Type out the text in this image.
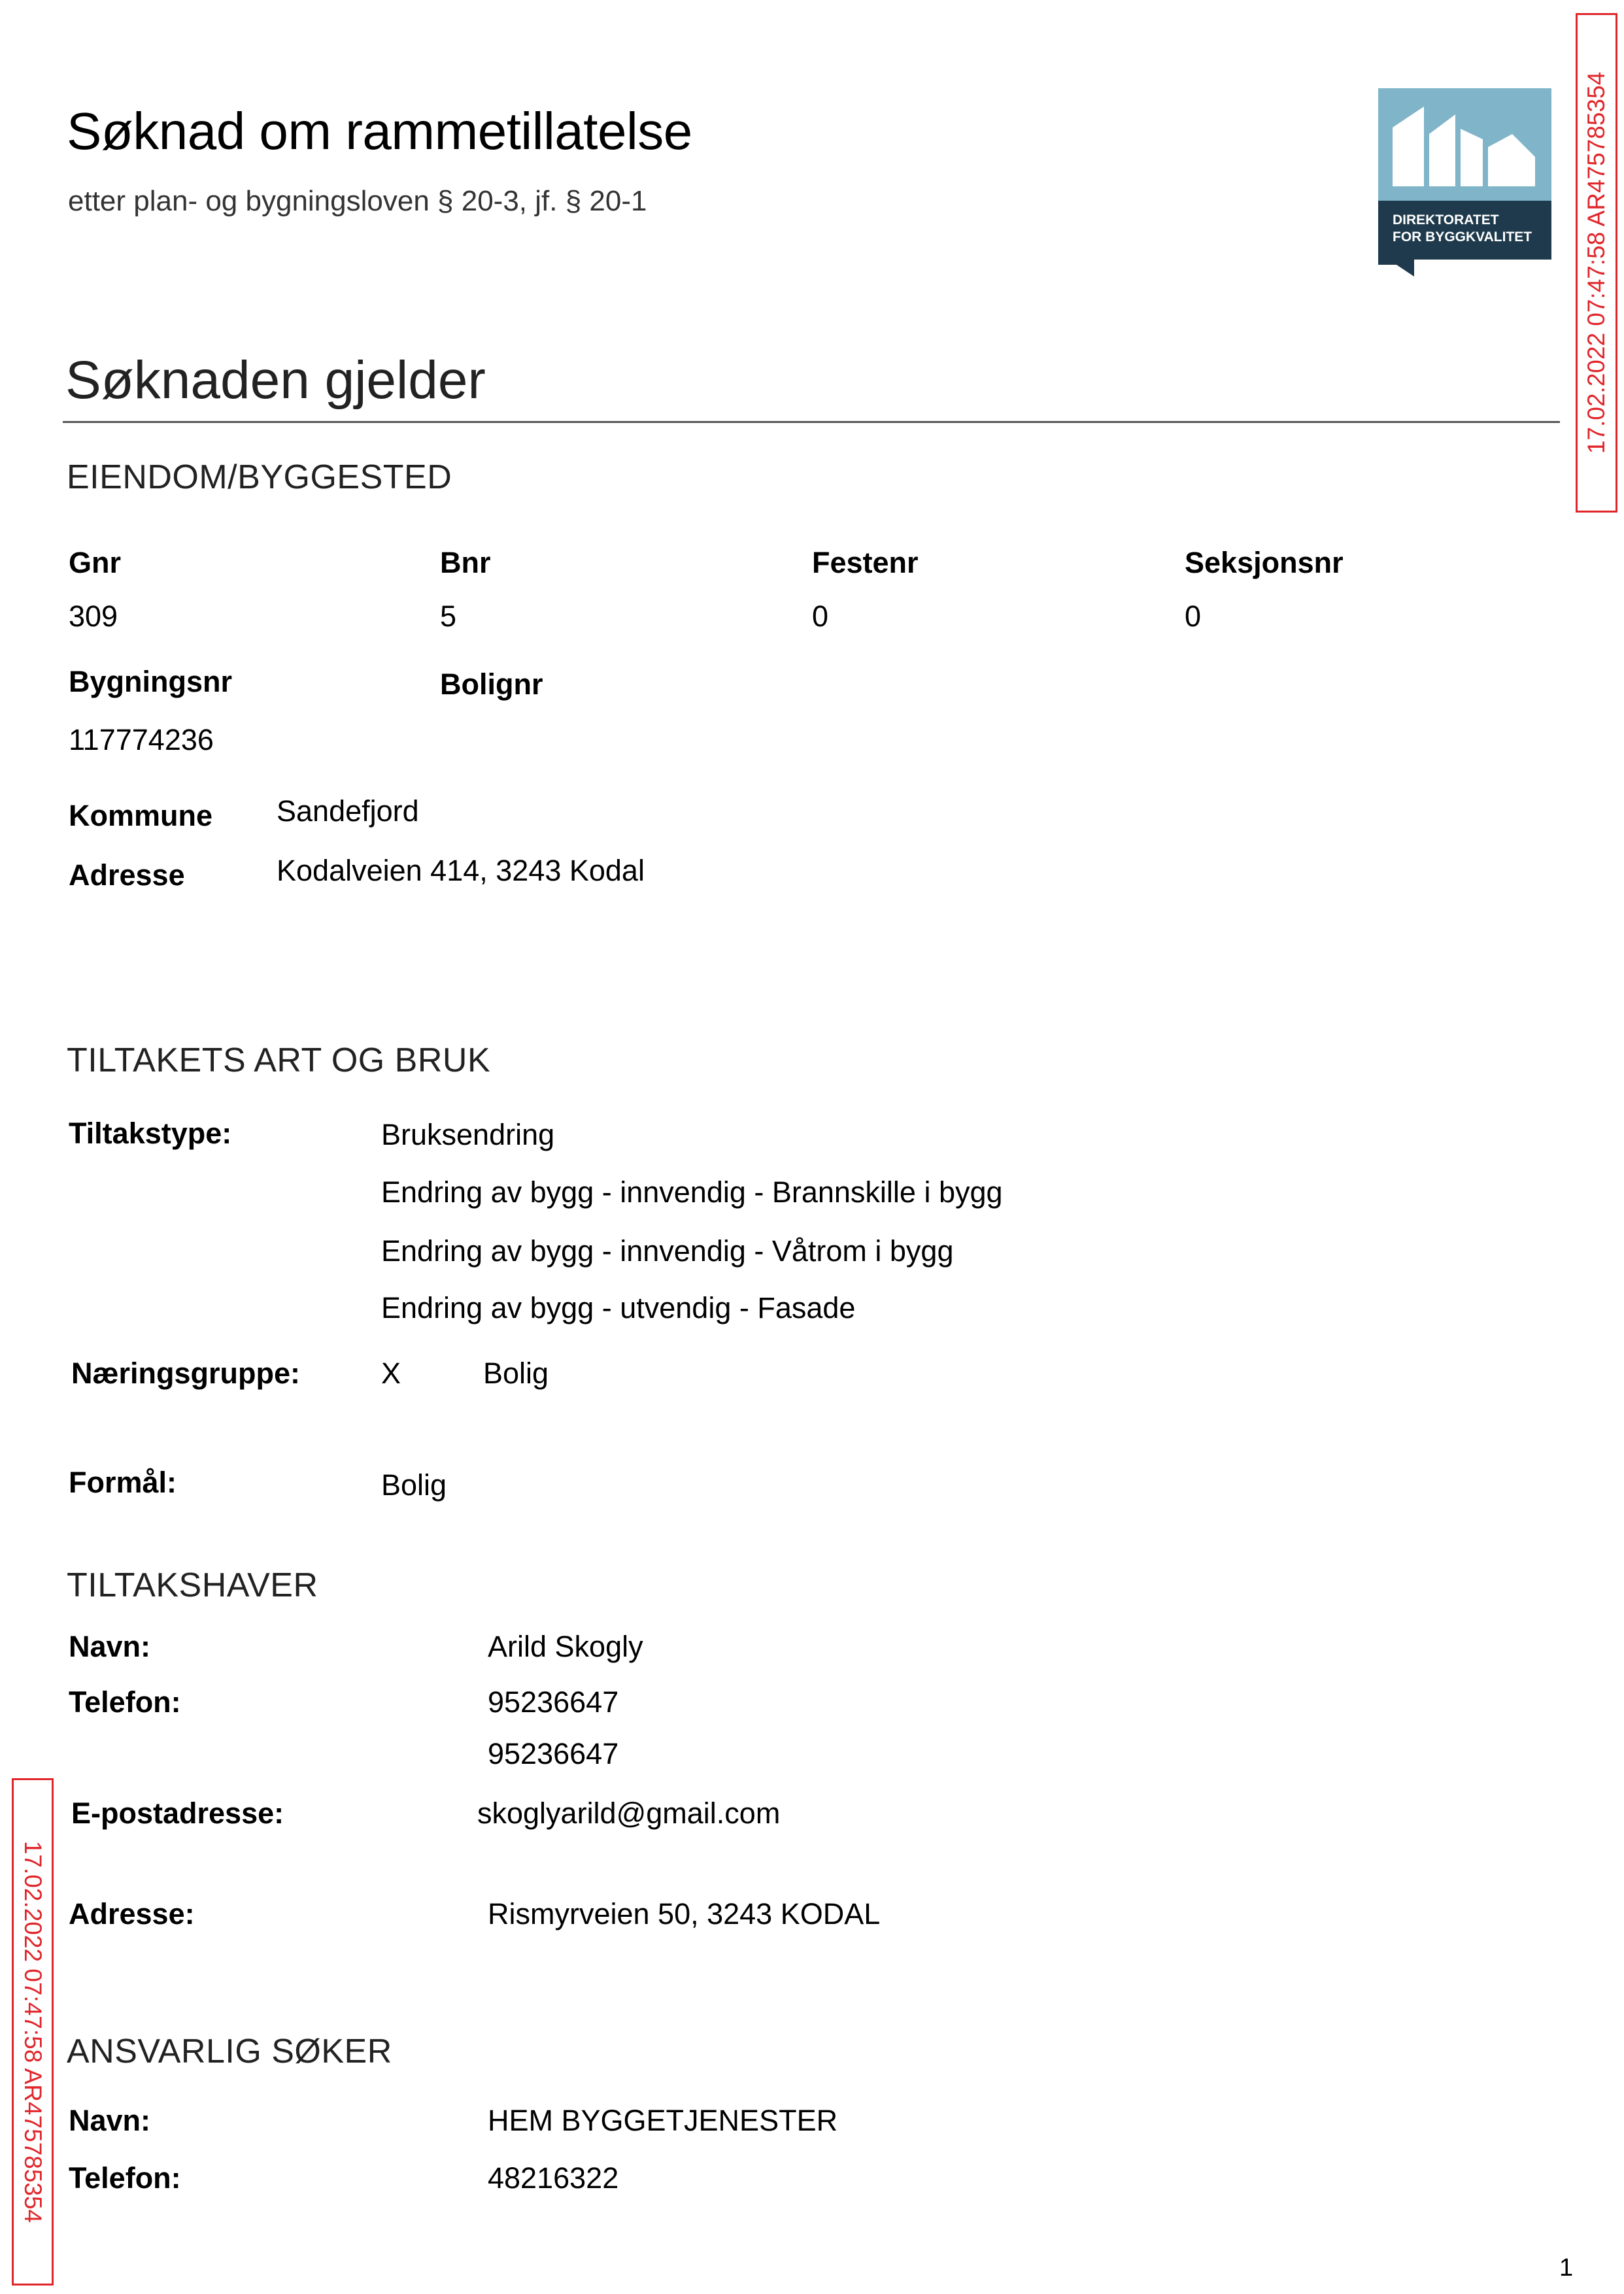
Søknad om rammetillatelse
etter plan- og bygningsloven § 20-3, jf. § 20-1
DIREKTORATET
FOR BYGGKVALITET 17.02.2022 07:47:58 AR475785354
17.02.2022 07:47:58 AR475785354
Søknaden gjelder
EIENDOM/BYGGESTED
Gnr	Bnr	Festenr	Seksjonsnr
309	5	0	0
Bygningsnr	Bolignr
117774236
Kommune Sandefjord
Adresse	Kodalveien 414, 3243 Kodal
TILTAKETS ART OG BRUK
Tiltakstype:	Bruksendring
Endring av bygg - innvendig - Brannskille i bygg
Endring av bygg - innvendig - Våtrom i bygg
Endring av bygg - utvendig - Fasade
Næringsgruppe:	X	Bolig
Formål:	Bolig
TILTAKSHAVER
Navn:	Arild Skogly
Telefon:	95236647
95236647
E-postadresse:	skoglyarild@gmail.com
Adresse:	Rismyrveien 50, 3243 KODAL
ANSVARLIG SØKER
Navn:	HEM BYGGETJENESTER
Telefon:	48216322
1
